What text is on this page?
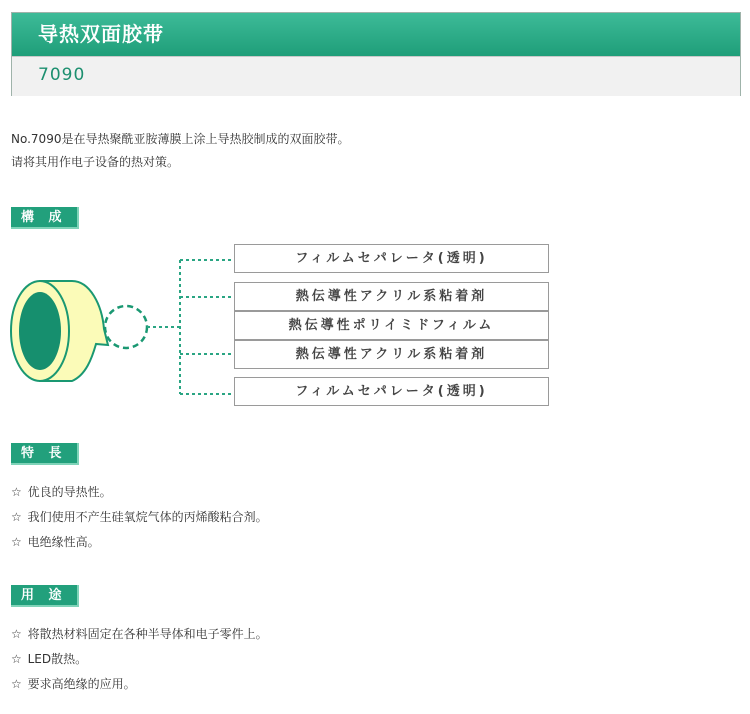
导热双面胶带
7090
No.7090是在导热聚酰亚胺薄膜上涂上导热胶制成的双面胶带。
请将其用作电子设备的热对策。
構 成
フィルムセパレータ(透明)
熱伝導性アクリル系粘着剤
熱伝導性ポリイミドフィルム
熱伝導性アクリル系粘着剤
フィルムセパレータ(透明)
特 長
☆ 优良的导热性。
☆ 我们使用不产生硅氧烷气体的丙烯酸粘合剂。
☆ 电绝缘性高。
用 途
☆ 将散热材料固定在各种半导体和电子零件上。
☆ LED散热。
☆ 要求高绝缘的应用。
